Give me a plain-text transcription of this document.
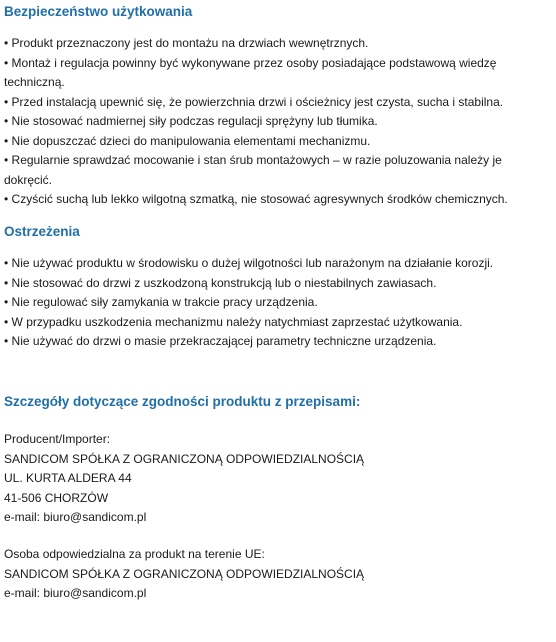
Bezpieczeństwo użytkowania
• Produkt przeznaczony jest do montażu na drzwiach wewnętrznych.
• Montaż i regulacja powinny być wykonywane przez osoby posiadające podstawową wiedzę techniczną.
• Przed instalacją upewnić się, że powierzchnia drzwi i ościeżnicy jest czysta, sucha i stabilna.
• Nie stosować nadmiernej siły podczas regulacji sprężyny lub tłumika.
• Nie dopuszczać dzieci do manipulowania elementami mechanizmu.
• Regularnie sprawdzać mocowanie i stan śrub montażowych – w razie poluzowania należy je dokręcić.
• Czyścić suchą lub lekko wilgotną szmatką, nie stosować agresywnych środków chemicznych.
Ostrzeżenia
• Nie używać produktu w środowisku o dużej wilgotności lub narażonym na działanie korozji.
• Nie stosować do drzwi z uszkodzoną konstrukcją lub o niestabilnych zawiasach.
• Nie regulować siły zamykania w trakcie pracy urządzenia.
• W przypadku uszkodzenia mechanizmu należy natychmiast zaprzestać użytkowania.
• Nie używać do drzwi o masie przekraczającej parametry techniczne urządzenia.
Szczegóły dotyczące zgodności produktu z przepisami:
Producent/Importer:
SANDICOM SPÓŁKA Z OGRANICZONĄ ODPOWIEDZIALNOŚCIĄ
UL. KURTA ALDERA 44
41-506 CHORZÓW
e-mail: biuro@sandicom.pl
Osoba odpowiedzialna za produkt na terenie UE:
SANDICOM SPÓŁKA Z OGRANICZONĄ ODPOWIEDZIALNOŚCIĄ
e-mail: biuro@sandicom.pl
